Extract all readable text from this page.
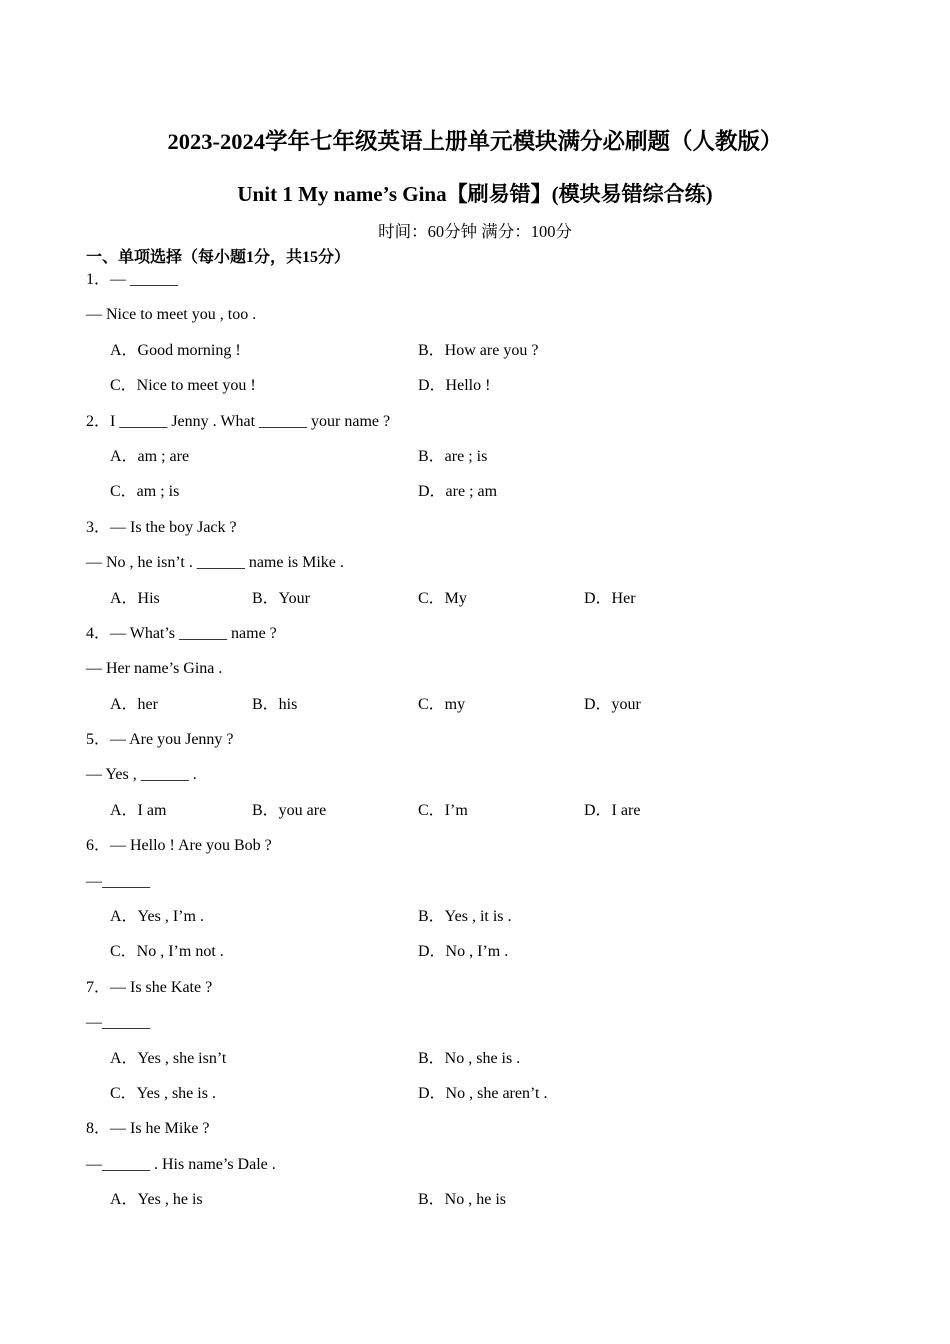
2023-2024学年七年级英语上册单元模块满分必刷题（人教版）
Unit 1 My name’s Gina【刷易错】(模块易错综合练)
时间：60分钟 满分：100分
一、单项选择（每小题1分，共15分）
1．— ______
— Nice to meet you , too .
A．Good morning !	B．How are you ?
C．Nice to meet you !	D．Hello !
2．I ______ Jenny . What ______ your name ?
A．am ; are	B．are ; is
C．am ; is	D．are ; am
3．— Is the boy Jack ?
— No , he isn’t . ______ name is Mike .
A．His	B．Your	C．My	D．Her
4．— What’s ______ name ?
— Her name’s Gina .
A．her	B．his	C．my	D．your
5．— Are you Jenny ?
— Yes , ______ .
A．I am	B．you are	C．I’m	D．I are
6．— Hello ! Are you Bob ?
—______
A．Yes , I’m .	B．Yes , it is .
C．No , I’m not .	D．No , I’m .
7．— Is she Kate ?
—______
A．Yes , she isn’t	B．No , she is .
C．Yes , she is .	D．No , she aren’t .
8．— Is he Mike ?
—______ . His name’s Dale .
A．Yes , he is	B．No , he is
